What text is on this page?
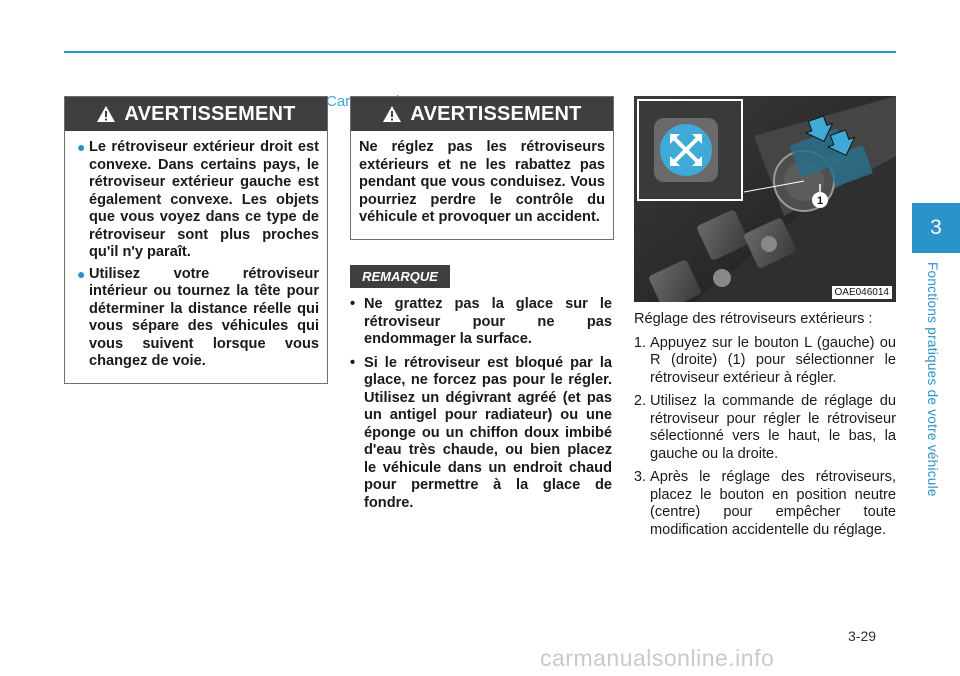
AVERTISSEMENT
● Le rétroviseur extérieur droit est convexe. Dans certains pays, le rétroviseur extérieur gauche est également convexe. Les objets que vous voyez dans ce type de rétroviseur sont plus proches qu'il n'y paraît.
● Utilisez votre rétroviseur intérieur ou tournez la tête pour déterminer la distance réelle qui vous sépare des véhicules qui vous suivent lorsque vous changez de voie.
AVERTISSEMENT
Ne réglez pas les rétroviseurs extérieurs et ne les rabattez pas pendant que vous conduisez. Vous pourriez perdre le contrôle du véhicule et provoquer un accident.
REMARQUE
• Ne grattez pas la glace sur le rétroviseur pour ne pas endommager la surface.
• Si le rétroviseur est bloqué par la glace, ne forcez pas pour le régler. Utilisez un dégivrant agréé (et pas un antigel pour radiateur) ou une éponge ou un chiffon doux imbibé d'eau très chaude, ou bien placez le véhicule dans un endroit chaud pour permettre à la glace de fondre.
1
OAE046014
Réglage des rétroviseurs extérieurs :
1. Appuyez sur le bouton L (gauche) ou R (droite) (1) pour sélectionner le rétroviseur extérieur à régler.
2. Utilisez la commande de réglage du rétroviseur pour régler le rétroviseur sélectionné vers le haut, le bas, la gauche ou la droite.
3. Après le réglage des rétroviseurs, placez le bouton en position neutre (centre) pour empêcher toute modification accidentelle du réglage.
3
Fonctions pratiques de votre véhicule
3-29
carmanualsonline.info
